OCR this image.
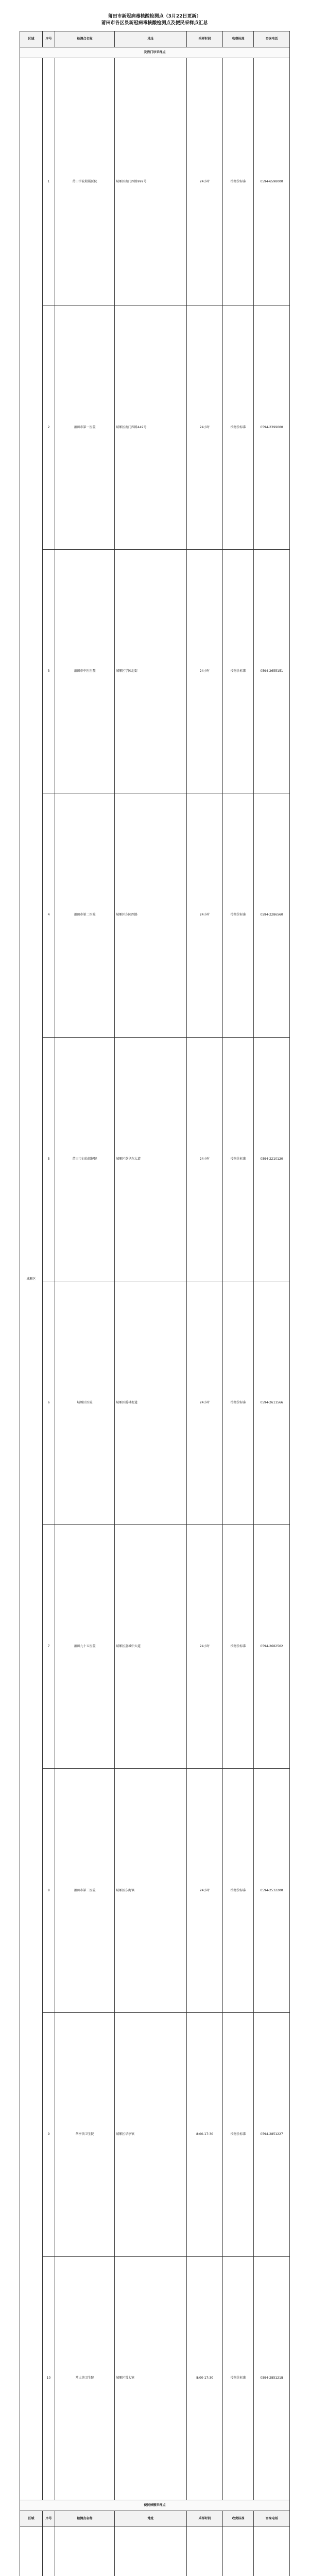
莆田市新冠病毒核酸检测点（3月22日更新）
莆田市各区县新冠病毒核酸检测点及便民采样点汇总
区域	序号	检测点名称	地址	采样时间	收费标准	咨询电话
发热门诊采样点						
城厢区	1	莆田学院附属医院	城厢区南门西路999号	24小时	按物价标准	0594-6598000
	2	莆田市第一医院	城厢区南门西路449号	24小时	按物价标准	0594-2399000
	3	莆田市中医医院	城厢区学园北街	24小时	按物价标准	0594-2655151
	4	莆田市第二医院	城厢区东园西路	24小时	按物价标准	0594-2286560
	5	莆田市妇幼保健院	城厢区荔华东大道	24小时	按物价标准	0594-2210120
	6	城厢区医院	城厢区霞林街道	24小时	按物价标准	0594-2611566
	7	莆田九十五医院	城厢区荔城中大道	24小时	按物价标准	0594-2682502
	8	莆田市第三医院	城厢区东海镇	24小时	按物价标准	0594-2532200
	9	华亭镇卫生院	城厢区华亭镇	8:00-17:30	按物价标准	0594-2851227
	10	常太镇卫生院	城厢区常太镇	8:00-17:30	按物价标准	0594-2851218
便民核酸采样点						
区域	序号	检测点名称	地址	采样时间	收费标准	咨询电话
